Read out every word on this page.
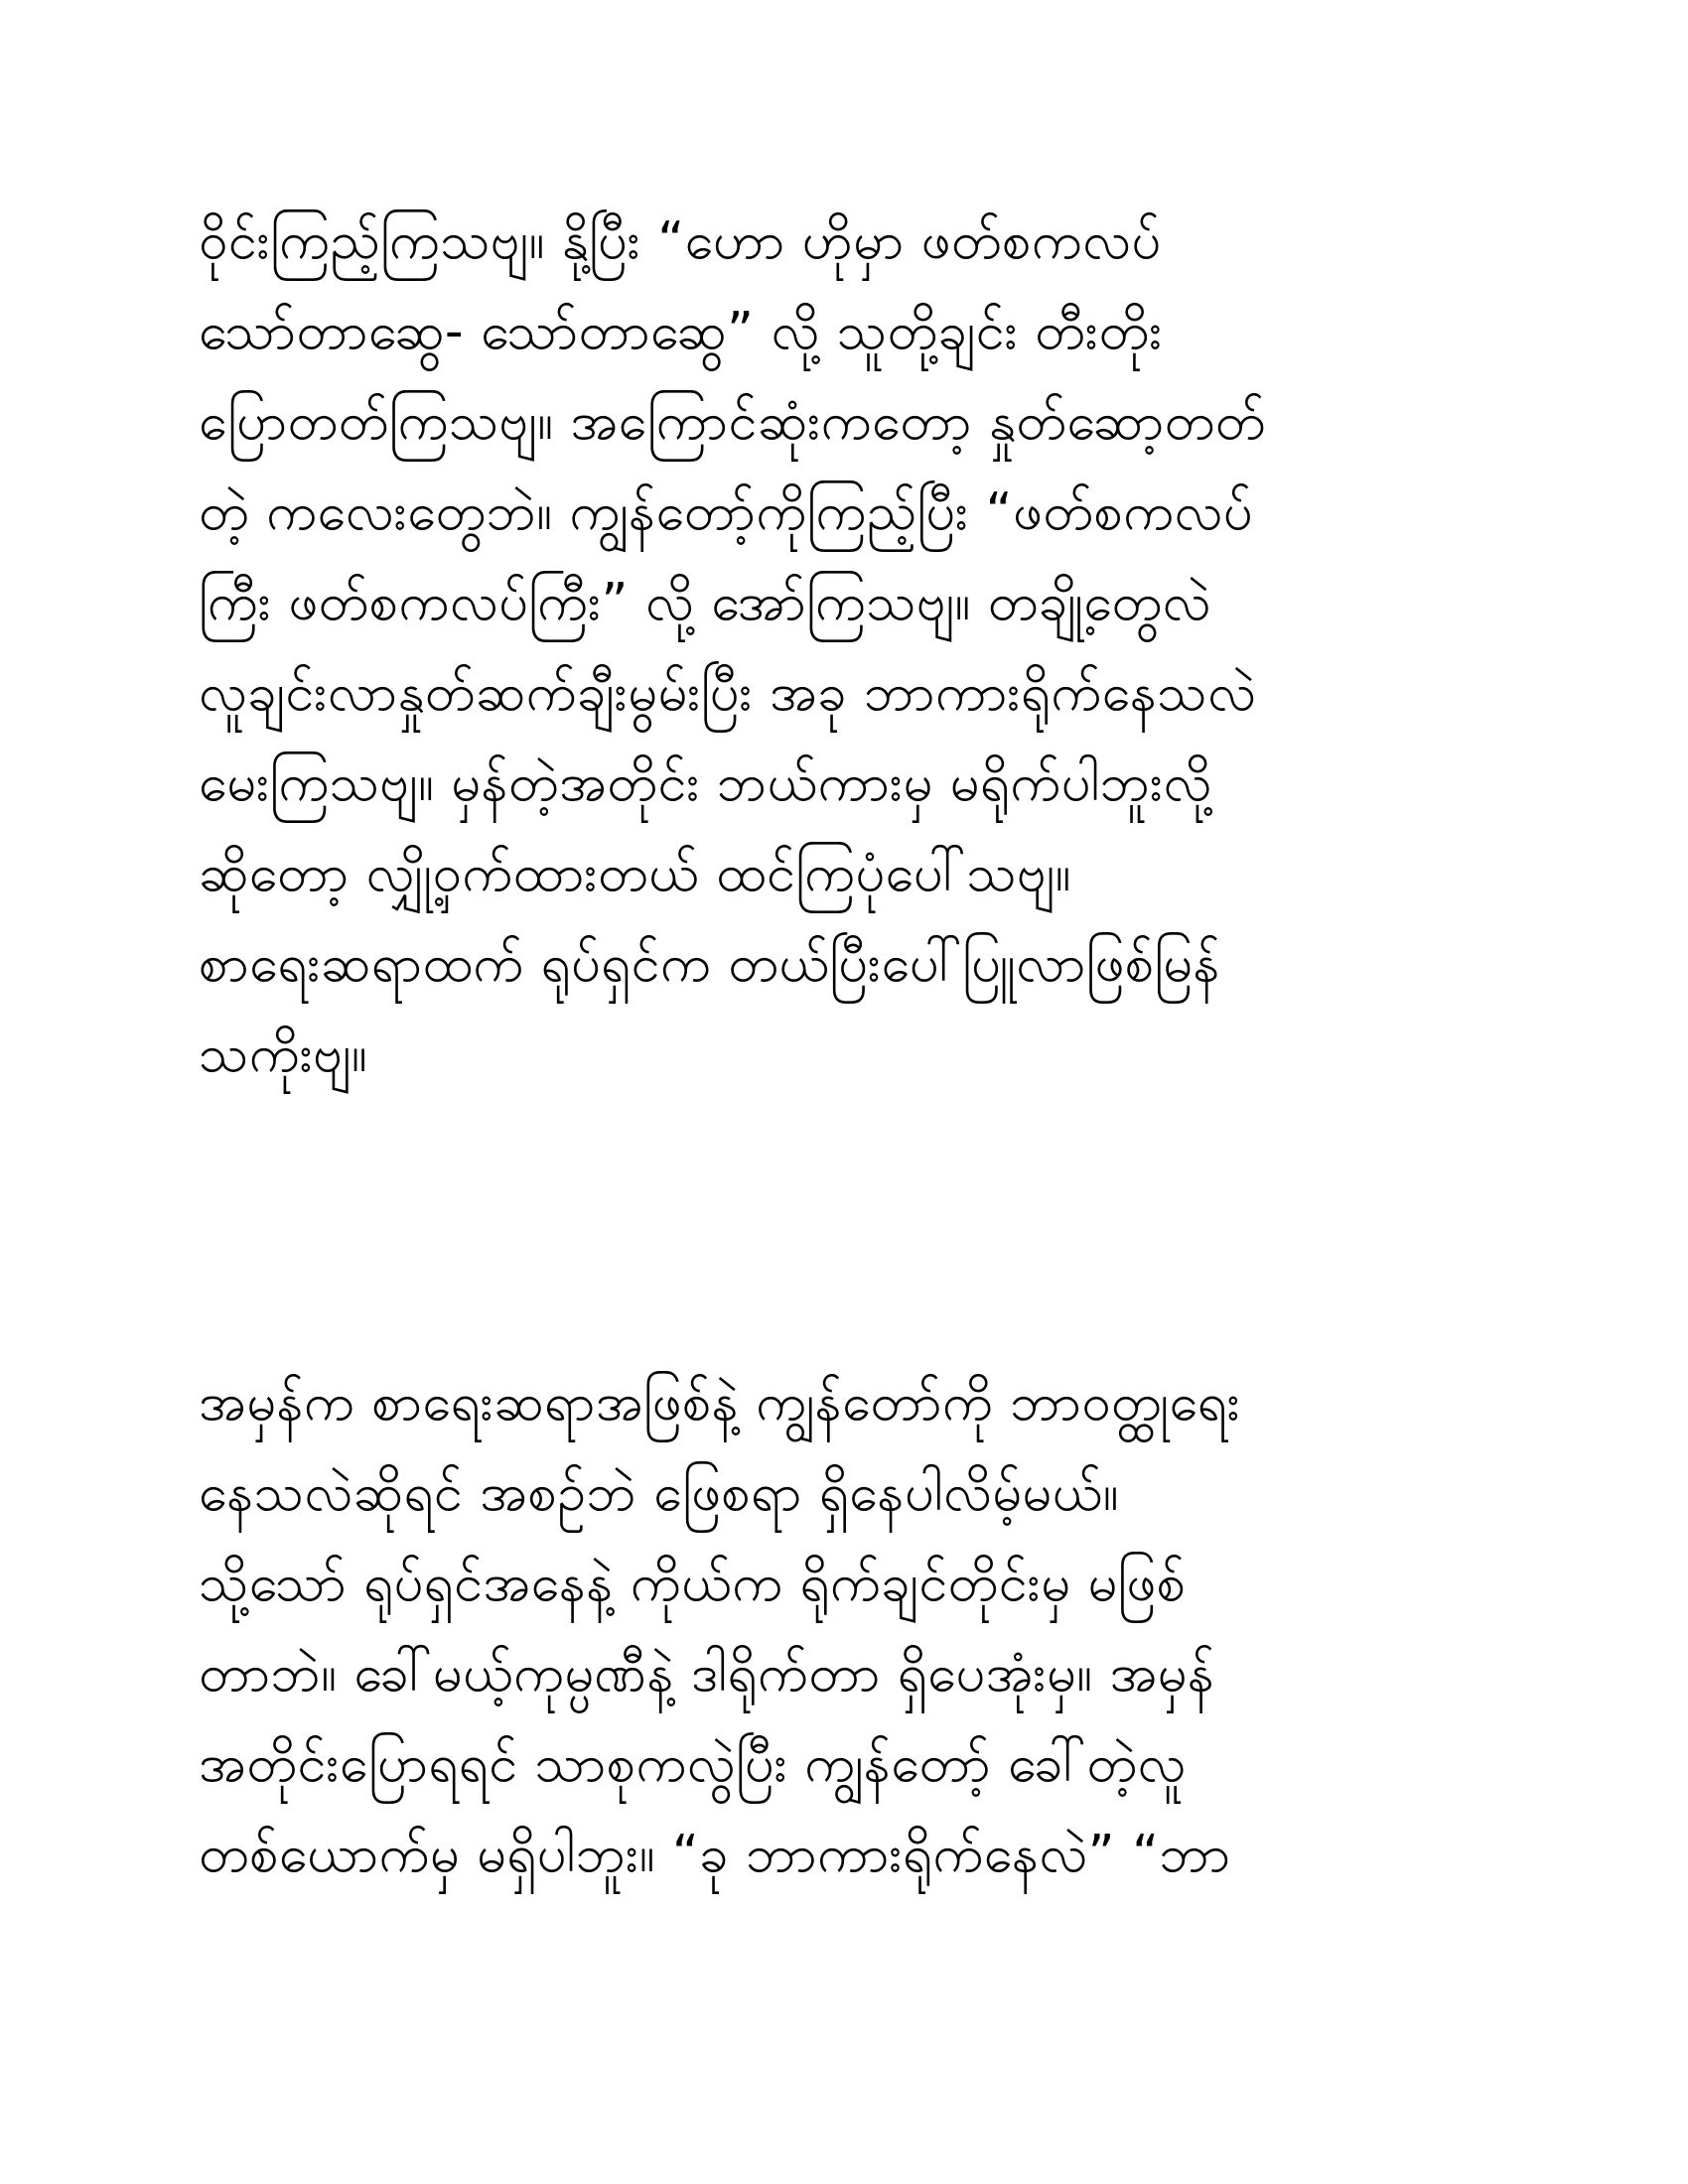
ဝိုင်းကြည့်ကြသဗျ။ နို့ပြီး “ဟော ဟိုမှာ ဖတ်စကလပ်
သော်တာဆွေ- သော်တာဆွေ” လို့ သူတို့ချင်း တီးတိုး
ပြောတတ်ကြသဗျ။ အကြောင်ဆုံးကတော့ နှုတ်ဆော့တတ်
တဲ့ ကလေးတွေဘဲ။ ကျွန်တော့်ကိုကြည့်ပြီး “ဖတ်စကလပ်
ကြီး ဖတ်စကလပ်ကြီး” လို့ အော်ကြသဗျ။ တချို့တွေလဲ
လူချင်းလာနှုတ်ဆက်ချီးမွမ်းပြီး အခု ဘာကားရိုက်နေသလဲ
မေးကြသဗျ။ မှန်တဲ့အတိုင်း ဘယ်ကားမှ မရိုက်ပါဘူးလို့
ဆိုတော့ လျှို့ဝှက်ထားတယ် ထင်ကြပုံပေါ်သဗျ။
စာရေးဆရာထက် ရုပ်ရှင်က တယ်ပြီးပေါ်ပြူလာဖြစ်မြန်
သကိုးဗျ။
အမှန်က စာရေးဆရာအဖြစ်နဲ့ ကျွန်တော်ကို ဘာဝတ္ထုရေး
နေသလဲဆိုရင် အစဉ်ဘဲ ဖြေစရာ ရှိနေပါလိမ့်မယ်။
သို့သော် ရုပ်ရှင်အနေနဲ့ ကိုယ်က ရိုက်ချင်တိုင်းမှ မဖြစ်
တာဘဲ။ ခေါ်မယ့်ကုမ္ပဏီနဲ့ ဒါရိုက်တာ ရှိပေအုံးမှ။ အမှန်
အတိုင်းပြောရရင် သာစုကလွဲပြီး ကျွန်တော့် ခေါ်တဲ့လူ
တစ်ယောက်မှ မရှိပါဘူး။ “ခု ဘာကားရိုက်နေလဲ” “ဘာ
